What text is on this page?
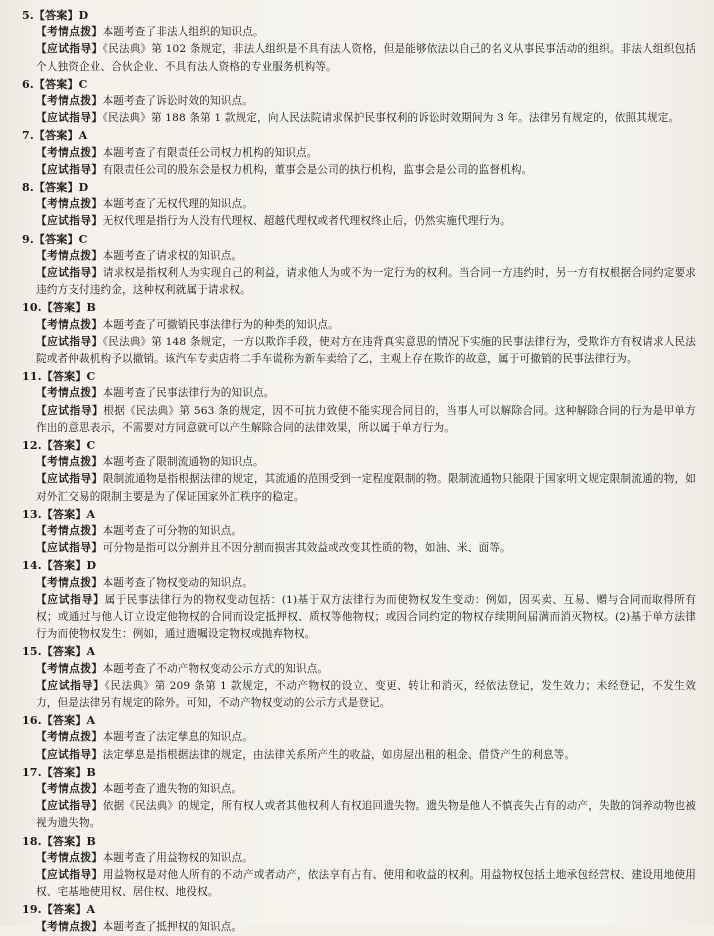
5.【答案】D
【考情点拨】本题考查了非法人组织的知识点。
【应试指导】《民法典》第 102 条规定，非法人组织是不具有法人资格，但是能够依法以自己的名义从事民事活动的组织。非法人组织包括个人独资企业、合伙企业、不具有法人资格的专业服务机构等。
6.【答案】C
【考情点拨】本题考查了诉讼时效的知识点。
【应试指导】《民法典》第 188 条第 1 款规定，向人民法院请求保护民事权利的诉讼时效期间为 3 年。法律另有规定的，依照其规定。
7.【答案】A
【考情点拨】本题考查了有限责任公司权力机构的知识点。
【应试指导】有限责任公司的股东会是权力机构，董事会是公司的执行机构，监事会是公司的监督机构。
8.【答案】D
【考情点拨】本题考查了无权代理的知识点。
【应试指导】无权代理是指行为人没有代理权、超越代理权或者代理权终止后，仍然实施代理行为。
9.【答案】C
【考情点拨】本题考查了请求权的知识点。
【应试指导】请求权是指权利人为实现自己的利益，请求他人为或不为一定行为的权利。当合同一方违约时，另一方有权根据合同约定要求违约方支付违约金，这种权利就属于请求权。
10.【答案】B
【考情点拨】本题考查了可撤销民事法律行为的种类的知识点。
【应试指导】《民法典》第 148 条规定，一方以欺诈手段，使对方在违背真实意思的情况下实施的民事法律行为，受欺诈方有权请求人民法院或者仲裁机构予以撤销。该汽车专卖店将二手车谎称为新车卖给了乙，主观上存在欺诈的故意，属于可撤销的民事法律行为。
11.【答案】C
【考情点拨】本题考查了民事法律行为的知识点。
【应试指导】根据《民法典》第 563 条的规定，因不可抗力致使不能实现合同目的，当事人可以解除合同。这种解除合同的行为是甲单方作出的意思表示，不需要对方同意就可以产生解除合同的法律效果，所以属于单方行为。
12.【答案】C
【考情点拨】本题考查了限制流通物的知识点。
【应试指导】限制流通物是指根据法律的规定，其流通的范围受到一定程度限制的物。限制流通物只能限于国家明文规定限制流通的物，如对外汇交易的限制主要是为了保证国家外汇秩序的稳定。
13.【答案】A
【考情点拨】本题考查了可分物的知识点。
【应试指导】可分物是指可以分割并且不因分割而损害其效益或改变其性质的物，如油、米、面等。
14.【答案】D
【考情点拨】本题考查了物权变动的知识点。
【应试指导】属于民事法律行为的物权变动包括：(1)基于双方法律行为而使物权发生变动：例如，因买卖、互易、赠与合同而取得所有权；或通过与他人订立设定他物权的合同而设定抵押权、质权等他物权；或因合同约定的物权存续期间届满而消灭物权。(2)基于单方法律行为而使物权发生：例如，通过遗嘱设定物权或抛弃物权。
15.【答案】A
【考情点拨】本题考查了不动产物权变动公示方式的知识点。
【应试指导】《民法典》第 209 条第 1 款规定，不动产物权的设立、变更、转让和消灭，经依法登记，发生效力；未经登记，不发生效力，但是法律另有规定的除外。可知，不动产物权变动的公示方式是登记。
16.【答案】A
【考情点拨】本题考查了法定孳息的知识点。
【应试指导】法定孳息是指根据法律的规定，由法律关系所产生的收益，如房屋出租的租金、借贷产生的利息等。
17.【答案】B
【考情点拨】本题考查了遗失物的知识点。
【应试指导】依据《民法典》的规定，所有权人或者其他权利人有权追回遗失物。遗失物是他人不慎丧失占有的动产，失散的饲养动物也被视为遗失物。
18.【答案】B
【考情点拨】本题考查了用益物权的知识点。
【应试指导】用益物权是对他人所有的不动产或者动产，依法享有占有、使用和收益的权利。用益物权包括土地承包经营权、建设用地使用权、宅基地使用权、居住权、地役权。
19.【答案】A
【考情点拨】本题考查了抵押权的知识点。
